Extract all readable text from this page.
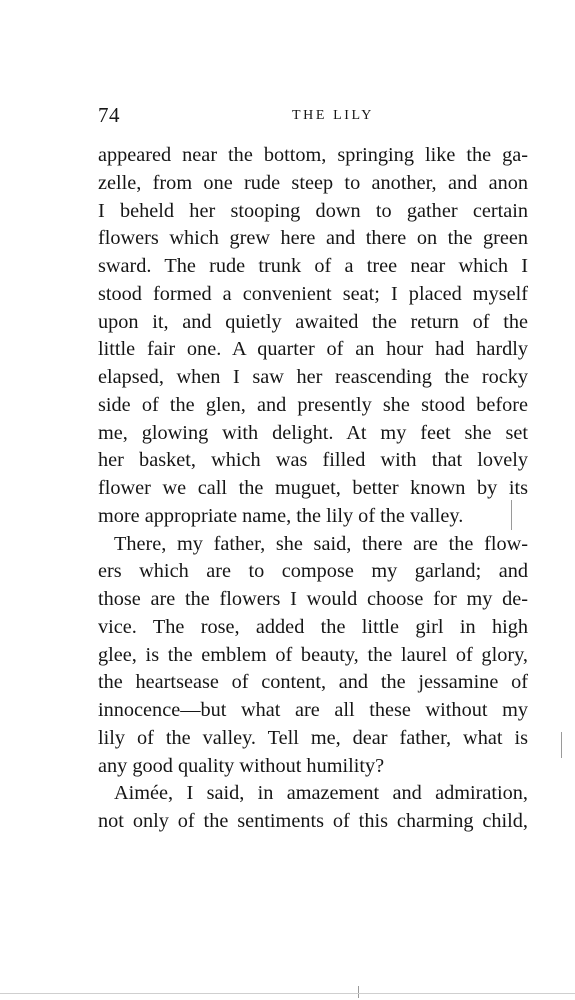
74	THE LILY

appeared near the bottom, springing like the ga-
zelle, from one rude steep to another, and anon
I beheld her stooping down to gather certain
flowers which grew here and there on the green
sward. The rude trunk of a tree near which I
stood formed a convenient seat; I placed myself
upon it, and quietly awaited the return of the
little fair one. A quarter of an hour had hardly
elapsed, when I saw her reascending the rocky
side of the glen, and presently she stood before
me, glowing with delight. At my feet she set
her basket, which was filled with that lovely
flower we call the muguet, better known by its
more appropriate name, the lily of the valley.

There, my father, she said, there are the flow-
ers which are to compose my garland; and
those are the flowers I would choose for my de-
vice. The rose, added the little girl in high
glee, is the emblem of beauty, the laurel of glory,
the heartsease of content, and the jessamine of
innocence—but what are all these without my
lily of the valley. Tell me, dear father, what is
any good quality without humility?

Aimée, I said, in amazement and admiration,
not only of the sentiments of this charming child,
